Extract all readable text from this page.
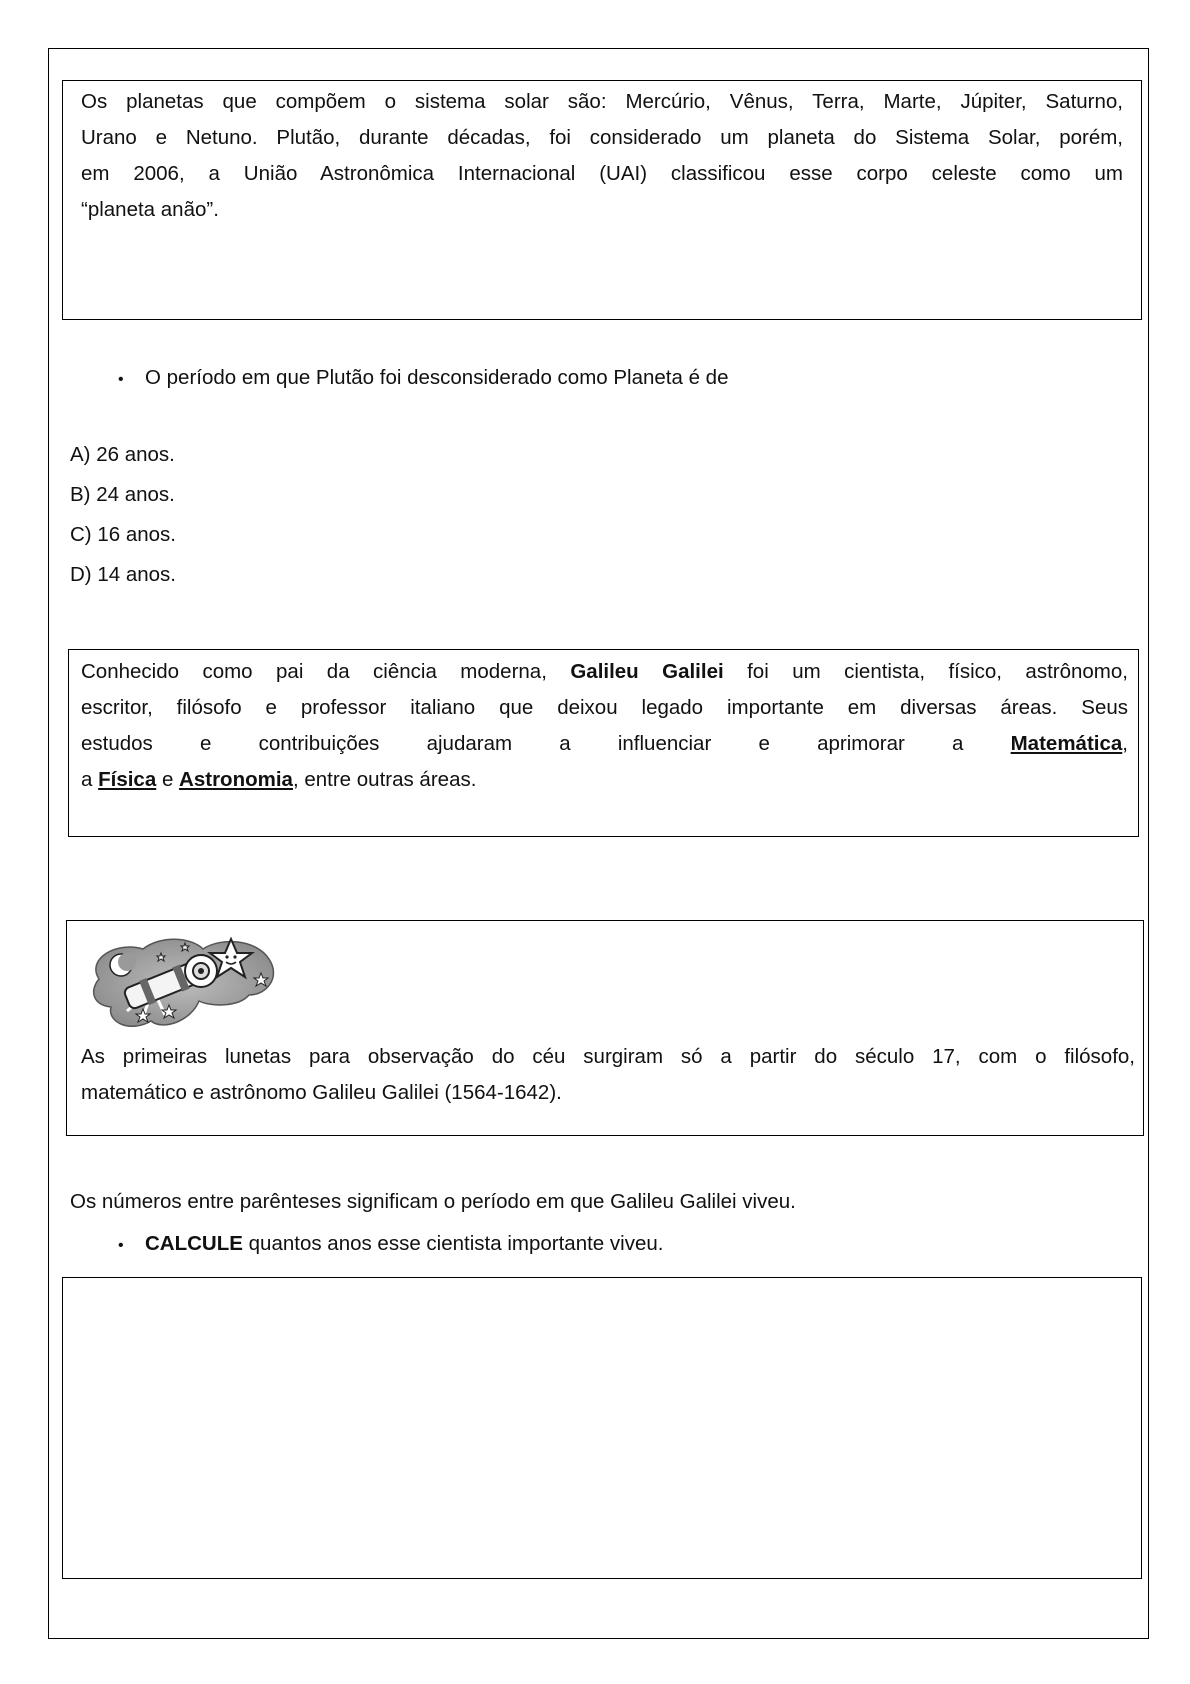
Os planetas que compõem o sistema solar são: Mercúrio, Vênus, Terra, Marte, Júpiter, Saturno,

Urano e Netuno. Plutão, durante décadas, foi considerado um planeta do Sistema Solar, porém,

em 2006, a União Astronômica Internacional (UAI) classificou esse corpo celeste como um

“planeta anão”.

• O período em que Plutão foi desconsiderado como Planeta é de
A) 26 anos.
B) 24 anos.
C) 16 anos.
D) 14 anos.

Conhecido como pai da ciência moderna, Galileu Galilei foi um cientista, físico, astrônomo,

escritor, filósofo e professor italiano que deixou legado importante em diversas áreas. Seus

estudos e contribuições ajudaram a influenciar e aprimorar a Matemática,

a Física e Astronomia, entre outras áreas.

As primeiras lunetas para observação do céu surgiram só a partir do século 17, com o filósofo,

matemático e astrônomo Galileu Galilei (1564-1642).

Os números entre parênteses significam o período em que Galileu Galilei viveu.
• CALCULE quantos anos esse cientista importante viveu.
